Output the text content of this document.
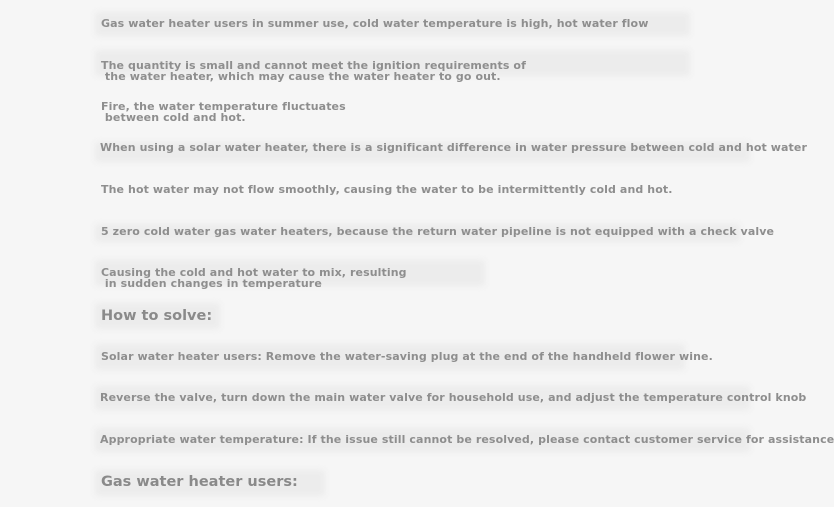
Gas water heater users in summer use, cold water temperature is high, hot water flow
The quantity is small and cannot meet the ignition requirements of
the water heater, which may cause the water heater to go out.
Fire, the water temperature fluctuates
between cold and hot.
When using a solar water heater, there is a significant difference in water pressure between cold and hot water
The hot water may not flow smoothly, causing the water to be intermittently cold and hot.
5 zero cold water gas water heaters, because the return water pipeline is not equipped with a check valve
Causing the cold and hot water to mix, resulting
in sudden changes in temperature
How to solve:
Solar water heater users: Remove the water-saving plug at the end of the handheld flower wine.
Reverse the valve, turn down the main water valve for household use, and adjust the temperature control knob
Appropriate water temperature: If the issue still cannot be resolved, please contact customer service for assistance
Gas water heater users:
